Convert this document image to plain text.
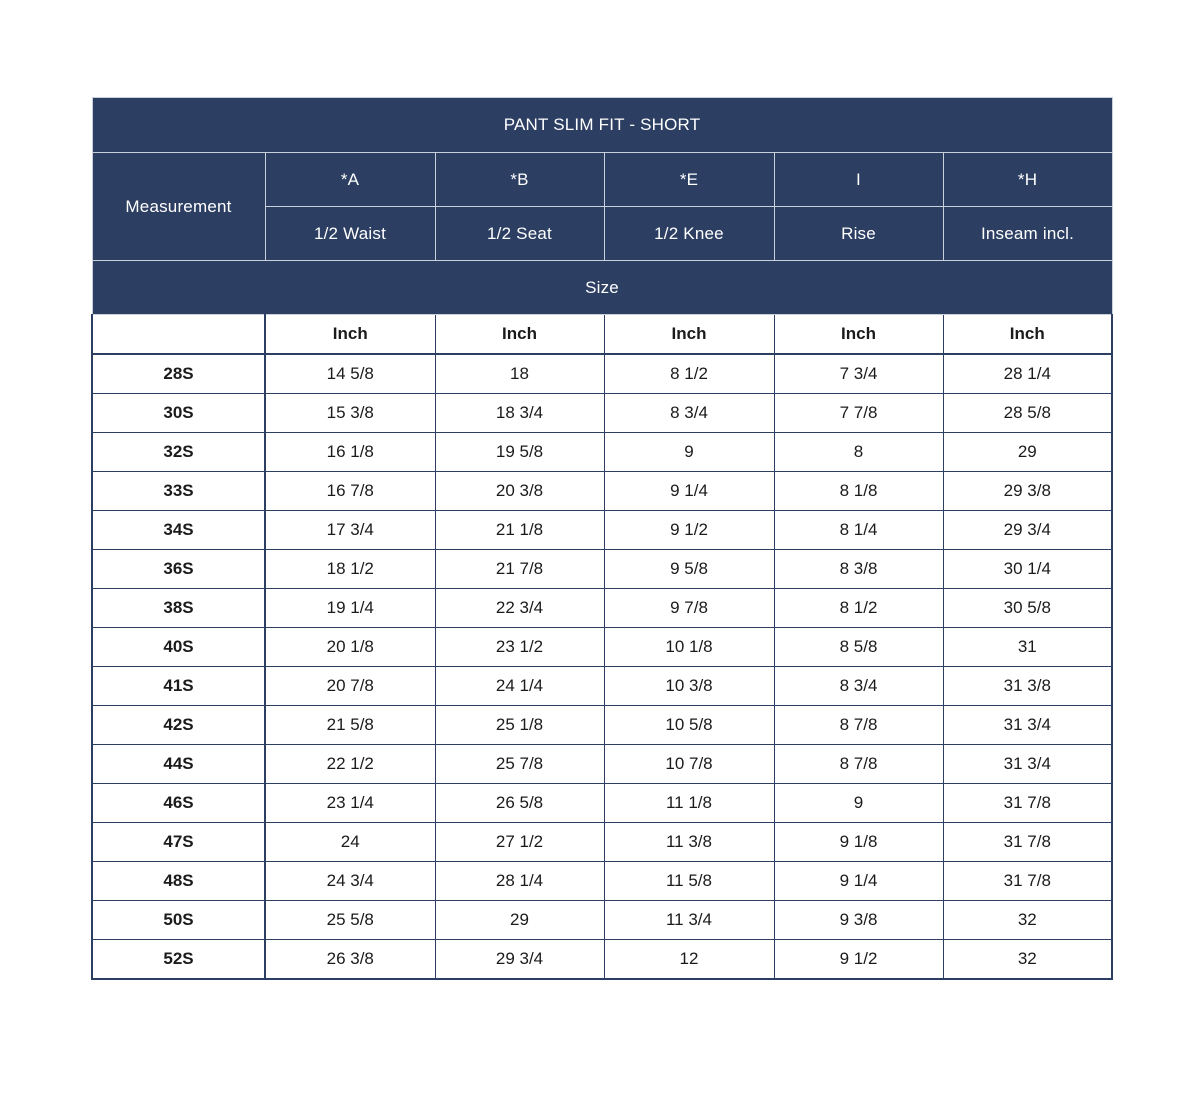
PANT SLIM FIT - SHORT					
Measurement	*A	*B	*E	I	*H
	1/2 Waist	1/2 Seat	1/2 Knee	Rise	Inseam incl.
Size					
	Inch	Inch	Inch	Inch	Inch
28S	14 5/8	18	8 1/2	7 3/4	28 1/4
30S	15 3/8	18 3/4	8 3/4	7 7/8	28 5/8
32S	16 1/8	19 5/8	9	8	29
33S	16 7/8	20 3/8	9 1/4	8 1/8	29 3/8
34S	17 3/4	21 1/8	9 1/2	8 1/4	29 3/4
36S	18 1/2	21 7/8	9 5/8	8 3/8	30 1/4
38S	19 1/4	22 3/4	9 7/8	8 1/2	30 5/8
40S	20 1/8	23 1/2	10 1/8	8 5/8	31
41S	20 7/8	24 1/4	10 3/8	8 3/4	31 3/8
42S	21 5/8	25 1/8	10 5/8	8 7/8	31 3/4
44S	22 1/2	25 7/8	10 7/8	8 7/8	31 3/4
46S	23 1/4	26 5/8	11 1/8	9	31 7/8
47S	24	27 1/2	11 3/8	9 1/8	31 7/8
48S	24 3/4	28 1/4	11 5/8	9 1/4	31 7/8
50S	25 5/8	29	11 3/4	9 3/8	32
52S	26 3/8	29 3/4	12	9 1/2	32
